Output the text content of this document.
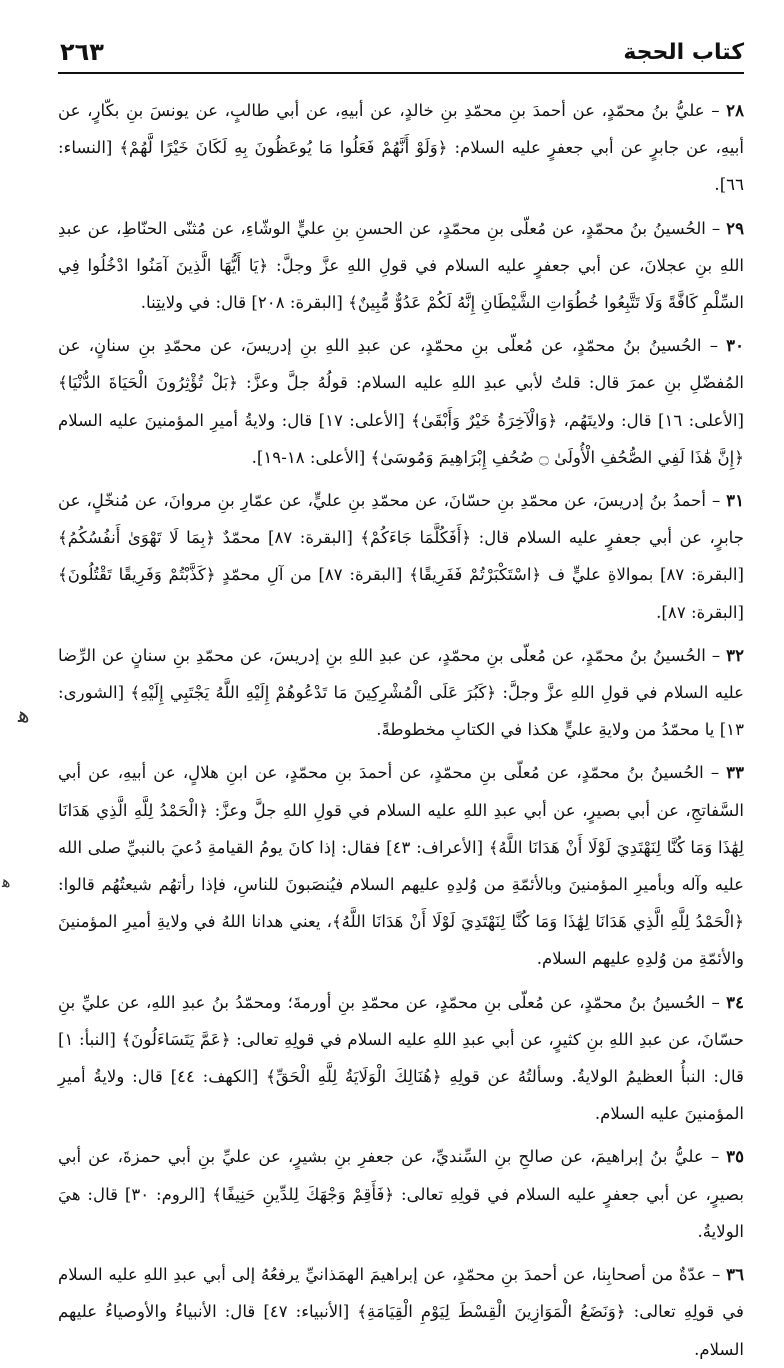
كتاب الحجة
٢٦٣

٢٨ – عليُّ بنُ محمّدٍ، عن أحمدَ بنِ محمّدِ بنِ خالدٍ، عن أبيهِ، عن أبي طالبٍ، عن يونسَ بنِ بكّارٍ، عن أبيهِ، عن جابرٍ عن أبي جعفرٍ عليه السلام: ﴿وَلَوْ أَنَّهُمْ فَعَلُوا مَا يُوعَظُونَ بِهِ لَكَانَ خَيْرًا لَّهُمْ﴾ [النساء: ٦٦].

٢٩ – الحُسينُ بنُ محمّدٍ، عن مُعلّى بنِ محمّدٍ، عن الحسنِ بنِ عليٍّ الوشّاءِ، عن مُثنّى الحنّاطِ، عن عبدِ اللهِ بنِ عجلانَ، عن أبي جعفرٍ عليه السلام في قولِ اللهِ عزَّ وجلَّ: ﴿يَا أَيُّهَا الَّذِينَ آمَنُوا ادْخُلُوا فِي السِّلْمِ كَافَّةً وَلَا تَتَّبِعُوا خُطُوَاتِ الشَّيْطَانِ إِنَّهُ لَكُمْ عَدُوٌّ مُّبِينٌ﴾ [البقرة: ٢٠٨] قال: في ولايتِنا.

٣٠ – الحُسينُ بنُ محمّدٍ، عن مُعلّى بنِ محمّدٍ، عن عبدِ اللهِ بنِ إدريسَ، عن محمّدِ بنِ سنانٍ، عن المُفضّلِ بنِ عمرَ قال: قلتُ لأبي عبدِ اللهِ عليه السلام: قولُهُ جلَّ وعزَّ: ﴿بَلْ تُؤْثِرُونَ الْحَيَاةَ الدُّنْيَا﴾ [الأعلى: ١٦] قال: ولايتَهُم، ﴿وَالْآخِرَةُ خَيْرٌ وَأَبْقَىٰ﴾ [الأعلى: ١٧] قال: ولايةُ أميرِ المؤمنينَ عليه السلام ﴿إِنَّ هَٰذَا لَفِي الصُّحُفِ الْأُولَىٰ ۝ صُحُفِ إِبْرَاهِيمَ وَمُوسَىٰ﴾ [الأعلى: ١٨-١٩].

٣١ – أحمدُ بنُ إدريسَ، عن محمّدِ بنِ حسّانَ، عن محمّدِ بنِ عليٍّ، عن عمّارِ بنِ مروانَ، عن مُنخّلٍ، عن جابرٍ، عن أبي جعفرٍ عليه السلام قال: ﴿أَفَكُلَّمَا جَاءَكُمْ﴾ [البقرة: ٨٧] محمّدٌ ﴿بِمَا لَا تَهْوَىٰ أَنفُسُكُمُ﴾ [البقرة: ٨٧] بموالاةِ عليٍّ ف ﴿اسْتَكْبَرْتُمْ فَفَرِيقًا﴾ [البقرة: ٨٧] من آلِ محمّدٍ ﴿كَذَّبْتُمْ وَفَرِيقًا تَقْتُلُونَ﴾ [البقرة: ٨٧].

٣٢ – الحُسينُ بنُ محمّدٍ، عن مُعلّى بنِ محمّدٍ، عن عبدِ اللهِ بنِ إدريسَ، عن محمّدِ بنِ سنانٍ عن الرِّضا عليه السلام في قولِ اللهِ عزَّ وجلَّ: ﴿كَبُرَ عَلَى الْمُشْرِكِينَ مَا تَدْعُوهُمْ إِلَيْهِ اللَّهُ يَجْتَبِي إِلَيْهِ﴾ [الشورى: ١٣] يا محمّدُ من ولايةِ عليٍّ هكذا في الكتابِ مخطوطةً.

٣٣ – الحُسينُ بنُ محمّدٍ، عن مُعلّى بنِ محمّدٍ، عن أحمدَ بنِ محمّدٍ، عن ابنِ هلالٍ، عن أبيهِ، عن أبي السَّفاتجِ، عن أبي بصيرٍ، عن أبي عبدِ اللهِ عليه السلام في قولِ اللهِ جلَّ وعزَّ: ﴿الْحَمْدُ لِلَّهِ الَّذِي هَدَانَا لِهَٰذَا وَمَا كُنَّا لِنَهْتَدِيَ لَوْلَا أَنْ هَدَانَا اللَّهُ﴾ [الأعراف: ٤٣] فقال: إذا كانَ يومُ القيامةِ دُعيَ بالنبيِّ صلى الله عليه وآله وبأميرِ المؤمنينَ وبالأئمّةِ من وُلدِهِ عليهم السلام فيُنصَبونَ للناسِ، فإذا رأتهُم شيعتُهُم قالوا: ﴿الْحَمْدُ لِلَّهِ الَّذِي هَدَانَا لِهَٰذَا وَمَا كُنَّا لِنَهْتَدِيَ لَوْلَا أَنْ هَدَانَا اللَّهُ﴾، يعني هدانا اللهُ في ولايةِ أميرِ المؤمنينَ والأئمّةِ من وُلدِهِ عليهم السلام.

٣٤ – الحُسينُ بنُ محمّدٍ، عن مُعلّى بنِ محمّدٍ، عن محمّدِ بنِ أورمةَ؛ ومحمّدُ بنُ عبدِ اللهِ، عن عليِّ بنِ حسّانَ، عن عبدِ اللهِ بنِ كثيرٍ، عن أبي عبدِ اللهِ عليه السلام في قولِهِ تعالى: ﴿عَمَّ يَتَسَاءَلُونَ﴾ [النبأ: ١] قال: النبأُ العظيمُ الولايةُ. وسألتُهُ عن قولِهِ ﴿هُنَالِكَ الْوَلَايَةُ لِلَّهِ الْحَقِّ﴾ [الكهف: ٤٤] قال: ولايةُ أميرِ المؤمنينَ عليه السلام.

٣٥ – عليُّ بنُ إبراهيمَ، عن صالحِ بنِ السِّنديِّ، عن جعفرِ بنِ بشيرٍ، عن عليِّ بنِ أبي حمزةَ، عن أبي بصيرٍ، عن أبي جعفرٍ عليه السلام في قولِهِ تعالى: ﴿فَأَقِمْ وَجْهَكَ لِلدِّينِ حَنِيفًا﴾ [الروم: ٣٠] قال: هيَ الولايةُ.

٣٦ – عدّةٌ من أصحابِنا، عن أحمدَ بنِ محمّدٍ، عن إبراهيمَ الهمَذانيِّ يرفعُهُ إلى أبي عبدِ اللهِ عليه السلام في قولِهِ تعالى: ﴿وَنَضَعُ الْمَوَازِينَ الْقِسْطَ لِيَوْمِ الْقِيَامَةِ﴾ [الأنبياء: ٤٧] قال: الأنبياءُ والأوصياءُ عليهم السلام.

ﻫ
ﻫ
